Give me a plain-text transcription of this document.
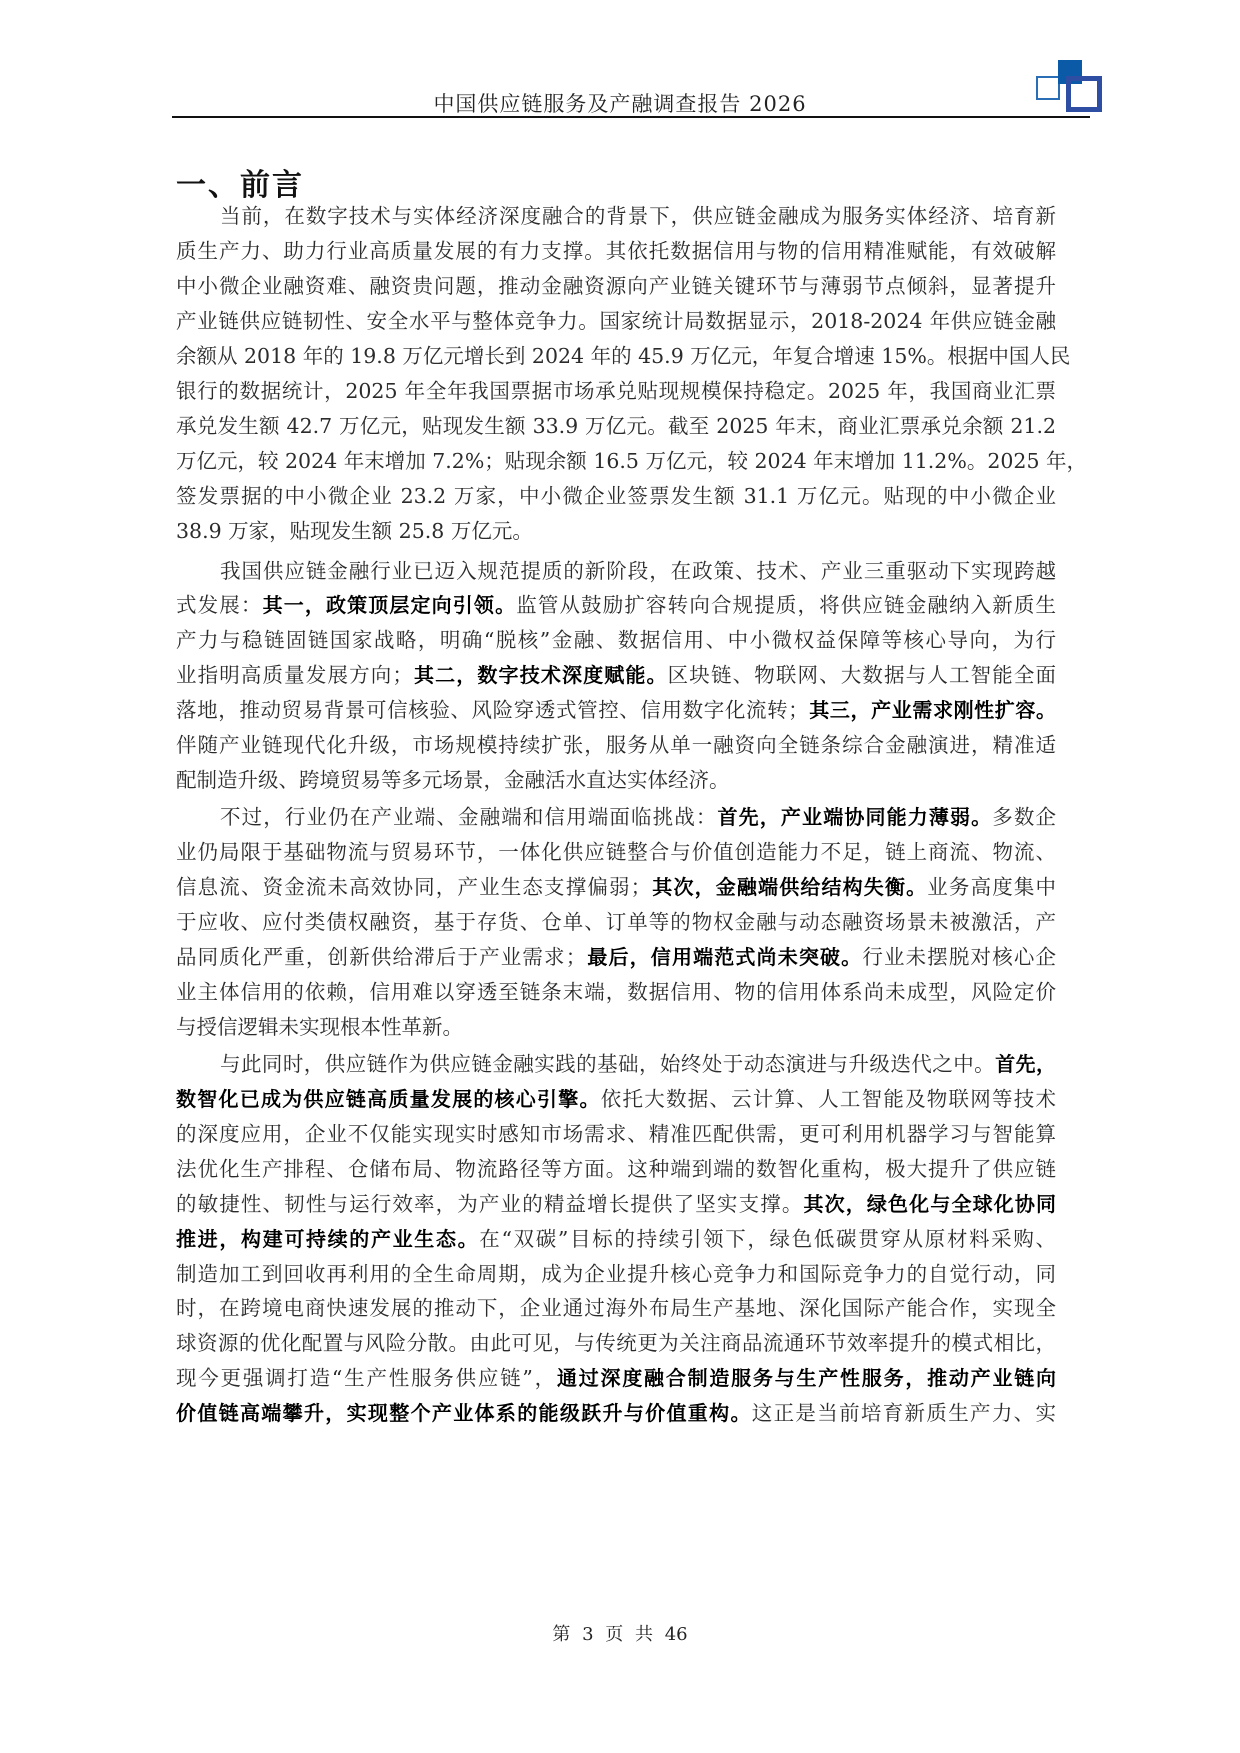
中国供应链服务及产融调查报告 2026
一、前言
当前，在数字技术与实体经济深度融合的背景下，供应链金融成为服务实体经济、培育新
质生产力、助力行业高质量发展的有力支撑。其依托数据信用与物的信用精准赋能，有效破解
中小微企业融资难、融资贵问题，推动金融资源向产业链关键环节与薄弱节点倾斜，显著提升
产业链供应链韧性、安全水平与整体竞争力。国家统计局数据显示，2018-2024 年供应链金融
余额从 2018 年的 19.8 万亿元增长到 2024 年的 45.9 万亿元，年复合增速 15%。根据中国人民
银行的数据统计，2025 年全年我国票据市场承兑贴现规模保持稳定。2025 年，我国商业汇票
承兑发生额 42.7 万亿元，贴现发生额 33.9 万亿元。截至 2025 年末，商业汇票承兑余额 21.2
万亿元，较 2024 年末增加 7.2%；贴现余额 16.5 万亿元，较 2024 年末增加 11.2%。2025 年，
签发票据的中小微企业 23.2 万家，中小微企业签票发生额 31.1 万亿元。贴现的中小微企业
38.9 万家，贴现发生额 25.8 万亿元。
我国供应链金融行业已迈入规范提质的新阶段，在政策、技术、产业三重驱动下实现跨越
式发展：其一，政策顶层定向引领。监管从鼓励扩容转向合规提质，将供应链金融纳入新质生
产力与稳链固链国家战略，明确“脱核”金融、数据信用、中小微权益保障等核心导向，为行
业指明高质量发展方向；其二，数字技术深度赋能。区块链、物联网、大数据与人工智能全面
落地，推动贸易背景可信核验、风险穿透式管控、信用数字化流转；其三，产业需求刚性扩容。
伴随产业链现代化升级，市场规模持续扩张，服务从单一融资向全链条综合金融演进，精准适
配制造升级、跨境贸易等多元场景，金融活水直达实体经济。
不过，行业仍在产业端、金融端和信用端面临挑战：首先，产业端协同能力薄弱。多数企
业仍局限于基础物流与贸易环节，一体化供应链整合与价值创造能力不足，链上商流、物流、
信息流、资金流未高效协同，产业生态支撑偏弱；其次，金融端供给结构失衡。业务高度集中
于应收、应付类债权融资，基于存货、仓单、订单等的物权金融与动态融资场景未被激活，产
品同质化严重，创新供给滞后于产业需求；最后，信用端范式尚未突破。行业未摆脱对核心企
业主体信用的依赖，信用难以穿透至链条末端，数据信用、物的信用体系尚未成型，风险定价
与授信逻辑未实现根本性革新。
与此同时，供应链作为供应链金融实践的基础，始终处于动态演进与升级迭代之中。首先，
数智化已成为供应链高质量发展的核心引擎。依托大数据、云计算、人工智能及物联网等技术
的深度应用，企业不仅能实现实时感知市场需求、精准匹配供需，更可利用机器学习与智能算
法优化生产排程、仓储布局、物流路径等方面。这种端到端的数智化重构，极大提升了供应链
的敏捷性、韧性与运行效率，为产业的精益增长提供了坚实支撑。其次，绿色化与全球化协同
推进，构建可持续的产业生态。在“双碳”目标的持续引领下，绿色低碳贯穿从原材料采购、
制造加工到回收再利用的全生命周期，成为企业提升核心竞争力和国际竞争力的自觉行动，同
时，在跨境电商快速发展的推动下，企业通过海外布局生产基地、深化国际产能合作，实现全
球资源的优化配置与风险分散。由此可见，与传统更为关注商品流通环节效率提升的模式相比，
现今更强调打造“生产性服务供应链”，通过深度融合制造服务与生产性服务，推动产业链向
价值链高端攀升，实现整个产业体系的能级跃升与价值重构。这正是当前培育新质生产力、实
第 3 页 共 46
